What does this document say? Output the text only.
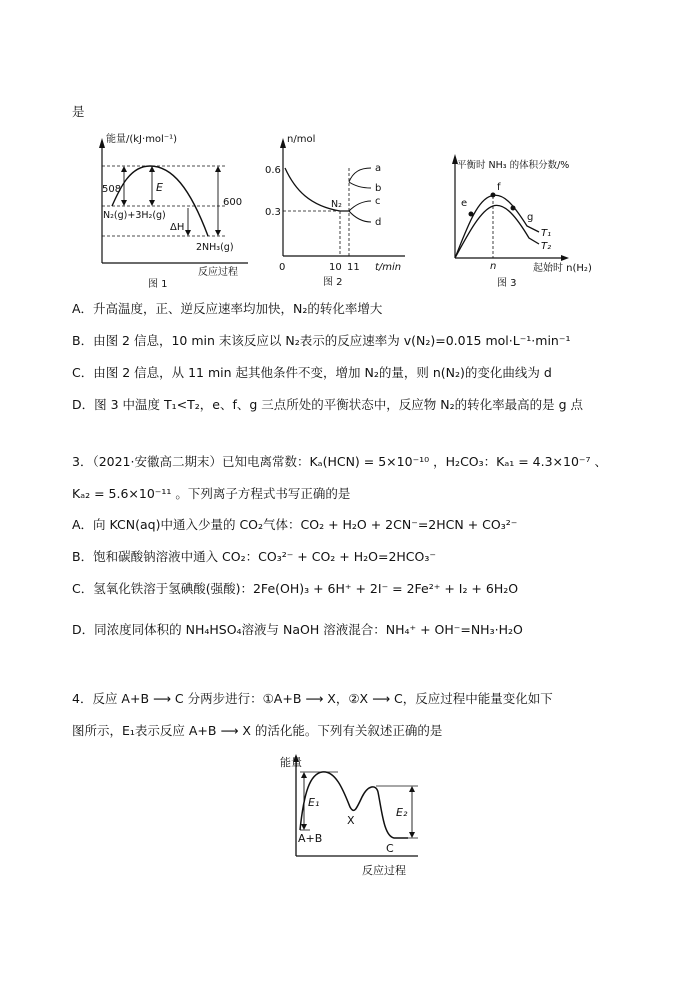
是
能量/(kJ·mol⁻¹)
508	E
600
ΔH
N₂(g)+3H₂(g)
2NH₃(g)
反应过程
图 1
n/mol
0.6
0.3
N₂
a
b
c
d
0	10 11 t/min
图 2
平衡时 NH₃ 的体积分数/%
e
f
g
T₁
T₂
n	起始时 n(H₂)
图 3
A．升高温度，正、逆反应速率均加快，N₂的转化率增大
B．由图 2 信息，10 min 末该反应以 N₂表示的反应速率为 v(N₂)=0.015 mol·L⁻¹·min⁻¹
C．由图 2 信息，从 11 min 起其他条件不变，增加 N₂的量，则 n(N₂)的变化曲线为 d
D．图 3 中温度 T₁<T₂，e、f、g 三点所处的平衡状态中，反应物 N₂的转化率最高的是 g 点
3．（2021·安徽高二期末）已知电离常数：Kₐ(HCN) = 5×10⁻¹⁰ ，H₂CO₃：Kₐ₁ = 4.3×10⁻⁷ 、
Kₐ₂ = 5.6×10⁻¹¹ 。下列离子方程式书写正确的是
A．向 KCN(aq)中通入少量的 CO₂气体：CO₂ + H₂O + 2CN⁻=2HCN + CO₃²⁻
B．饱和碳酸钠溶液中通入 CO₂：CO₃²⁻ + CO₂ + H₂O=2HCO₃⁻
C．氢氧化铁溶于氢碘酸(强酸)：2Fe(OH)₃ + 6H⁺ + 2I⁻ = 2Fe²⁺ + I₂ + 6H₂O
D．同浓度同体积的 NH₄HSO₄溶液与 NaOH 溶液混合：NH₄⁺ + OH⁻=NH₃·H₂O
4．反应 A+B ⟶ C 分两步进行：①A+B ⟶ X，②X ⟶ C，反应过程中能量变化如下
图所示，E₁表示反应 A+B ⟶ X 的活化能。下列有关叙述正确的是
能量
E₁
E₂
X
A+B
C
反应过程
